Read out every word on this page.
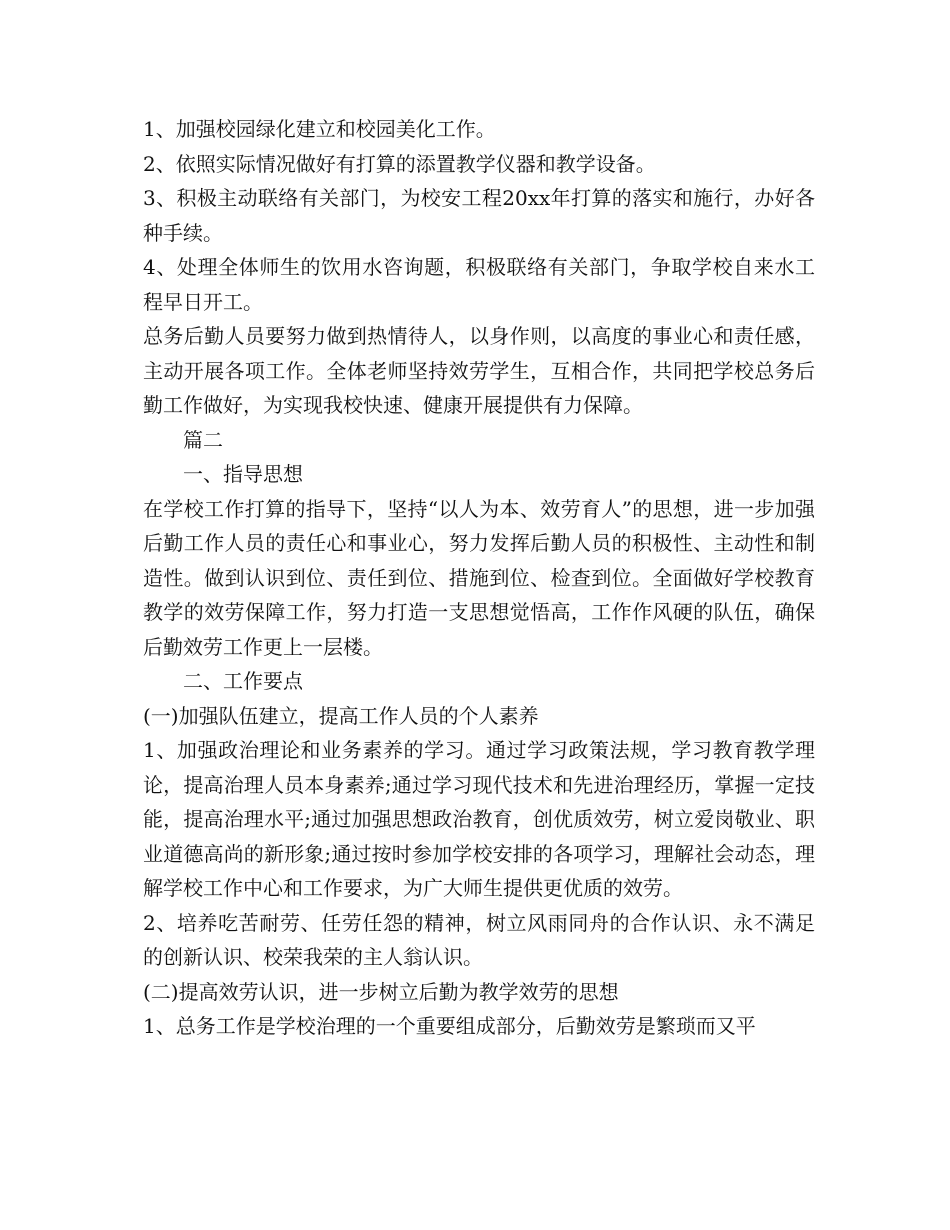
1、加强校园绿化建立和校园美化工作。

2、依照实际情况做好有打算的添置教学仪器和教学设备。

3、积极主动联络有关部门，为校安工程20xx年打算的落实和施行，办好各种手续。

4、处理全体师生的饮用水咨询题，积极联络有关部门，争取学校自来水工程早日开工。

总务后勤人员要努力做到热情待人，以身作则，以高度的事业心和责任感，主动开展各项工作。全体老师坚持效劳学生，互相合作，共同把学校总务后勤工作做好，为实现我校快速、健康开展提供有力保障。

篇二

一、指导思想

在学校工作打算的指导下，坚持“以人为本、效劳育人”的思想，进一步加强后勤工作人员的责任心和事业心，努力发挥后勤人员的积极性、主动性和制造性。做到认识到位、责任到位、措施到位、检查到位。全面做好学校教育教学的效劳保障工作，努力打造一支思想觉悟高，工作作风硬的队伍，确保后勤效劳工作更上一层楼。

二、工作要点

(一)加强队伍建立，提高工作人员的个人素养

1、加强政治理论和业务素养的学习。通过学习政策法规，学习教育教学理论，提高治理人员本身素养;通过学习现代技术和先进治理经历，掌握一定技能，提高治理水平;通过加强思想政治教育，创优质效劳，树立爱岗敬业、职业道德高尚的新形象;通过按时参加学校安排的各项学习，理解社会动态，理解学校工作中心和工作要求，为广大师生提供更优质的效劳。

2、培养吃苦耐劳、任劳任怨的精神，树立风雨同舟的合作认识、永不满足的创新认识、校荣我荣的主人翁认识。

(二)提高效劳认识，进一步树立后勤为教学效劳的思想

1、总务工作是学校治理的一个重要组成部分，后勤效劳是繁琐而又平
